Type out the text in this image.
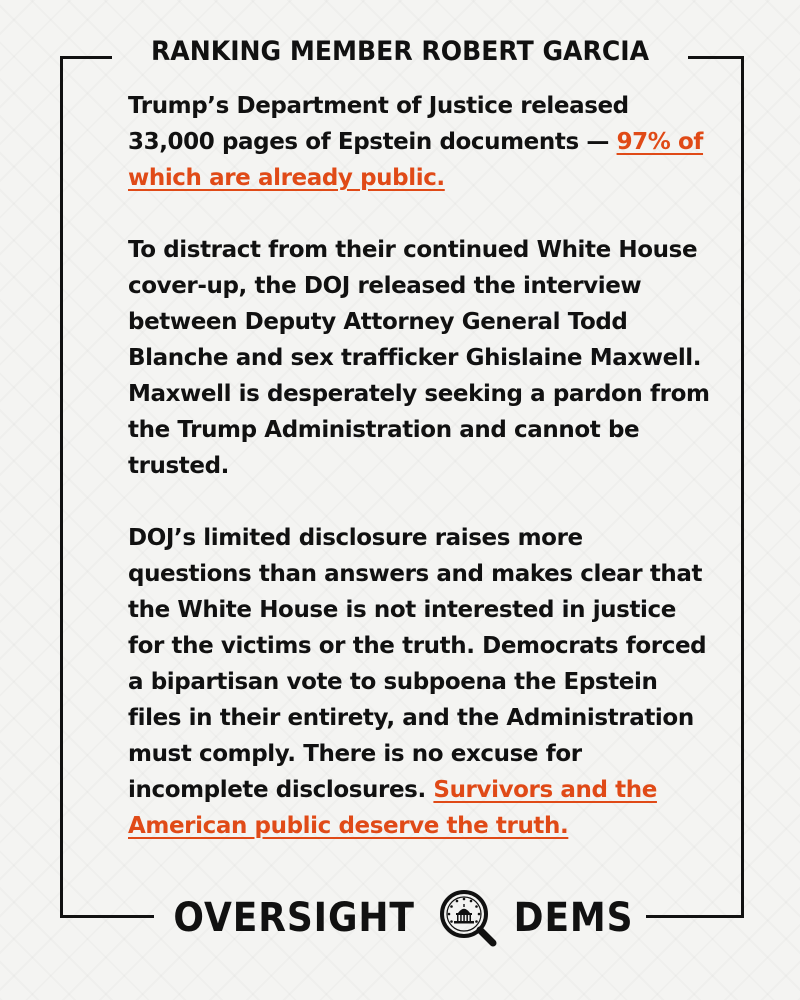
RANKING MEMBER ROBERT GARCIA

Trump’s Department of Justice released 33,000 pages of Epstein documents — 97% of which are already public.

To distract from their continued White House cover-up, the DOJ released the interview between Deputy Attorney General Todd Blanche and sex trafficker Ghislaine Maxwell. Maxwell is desperately seeking a pardon from the Trump Administration and cannot be trusted.

DOJ’s limited disclosure raises more questions than answers and makes clear that the White House is not interested in justice for the victims or the truth. Democrats forced a bipartisan vote to subpoena the Epstein files in their entirety, and the Administration must comply. There is no excuse for incomplete disclosures. Survivors and the American public deserve the truth.

OVERSIGHT DEMS
